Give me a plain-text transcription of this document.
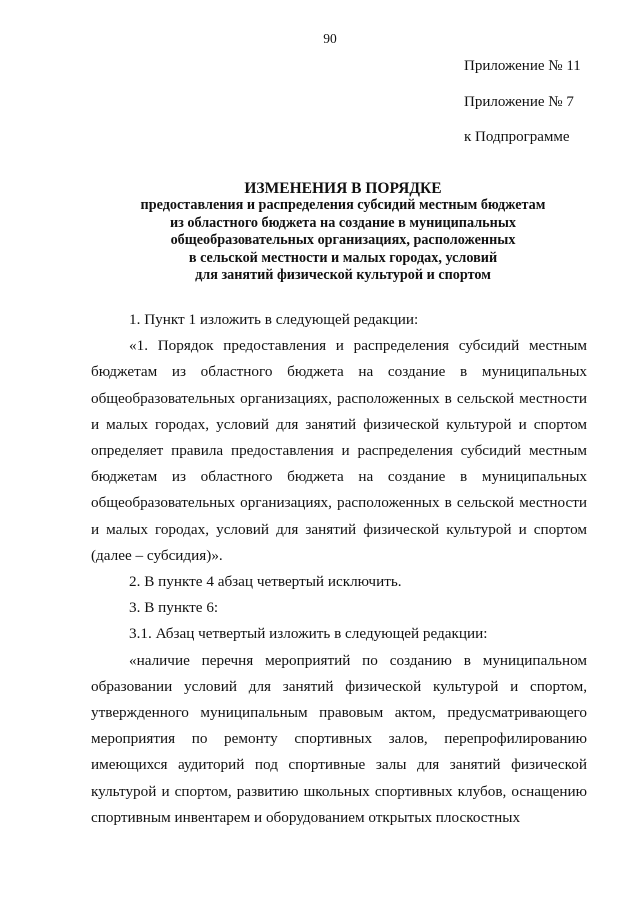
90
Приложение № 11
Приложение № 7
к Подпрограмме
ИЗМЕНЕНИЯ В ПОРЯДКЕ
предоставления и распределения субсидий местным бюджетам
из областного бюджета на создание в муниципальных
общеобразовательных организациях, расположенных
в сельской местности и малых городах, условий
для занятий физической культурой и спортом

1. Пункт 1 изложить в следующей редакции:

«1. Порядок предоставления и распределения субсидий местным бюджетам из областного бюджета на создание в муниципальных общеобразовательных организациях, расположенных в сельской местности и малых городах, условий для занятий физической культурой и спортом определяет правила предоставления и распределения субсидий местным бюджетам из областного бюджета на создание в муниципальных общеобразовательных организациях, расположенных в сельской местности и малых городах, условий для занятий физической культурой и спортом (далее – субсидия)».

2. В пункте 4 абзац четвертый исключить.

3. В пункте 6:

3.1. Абзац четвертый изложить в следующей редакции:

«наличие перечня мероприятий по созданию в муниципальном образовании условий для занятий физической культурой и спортом, утвержденного муниципальным правовым актом, предусматривающего мероприятия по ремонту спортивных залов, перепрофилированию имеющихся аудиторий под спортивные залы для занятий физической культурой и спортом, развитию школьных спортивных клубов, оснащению спортивным инвентарем и оборудованием открытых плоскостных
